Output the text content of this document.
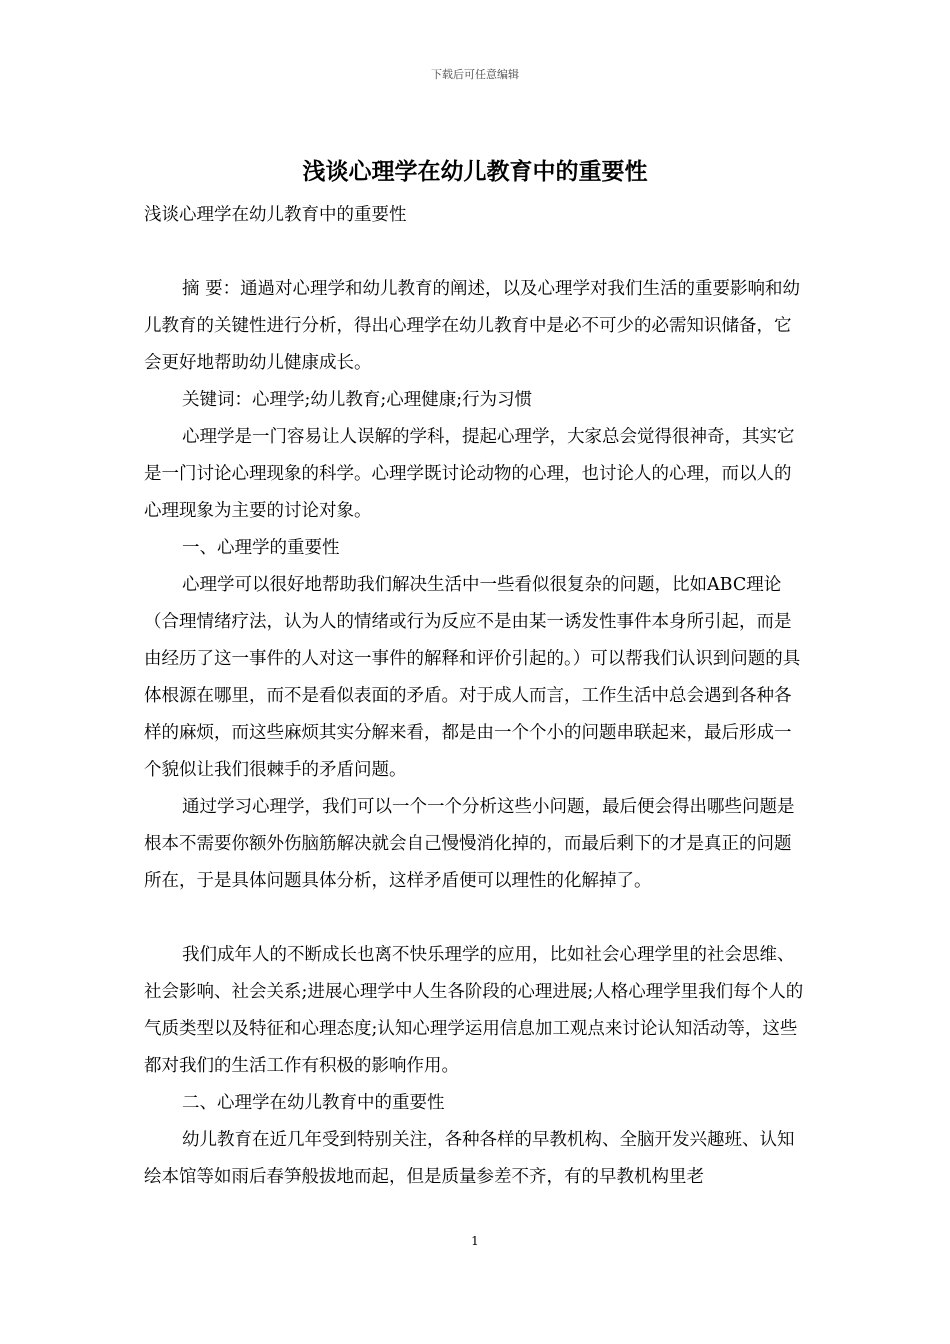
下载后可任意编辑
浅谈心理学在幼儿教育中的重要性

浅谈心理学在幼儿教育中的重要性

摘 要：通過对心理学和幼儿教育的阐述，以及心理学对我们生活的重要影响和幼儿教育的关键性进行分析，得出心理学在幼儿教育中是必不可少的必需知识储备，它会更好地帮助幼儿健康成长。

关键词：心理学;幼儿教育;心理健康;行为习惯

心理学是一门容易让人误解的学科，提起心理学，大家总会觉得很神奇，其实它是一门讨论心理现象的科学。心理学既讨论动物的心理，也讨论人的心理，而以人的心理现象为主要的讨论对象。

一、心理学的重要性

心理学可以很好地帮助我们解决生活中一些看似很复杂的问题，比如ABC理论（合理情绪疗法，认为人的情绪或行为反应不是由某一诱发性事件本身所引起，而是由经历了这一事件的人对这一事件的解释和评价引起的。）可以帮我们认识到问题的具体根源在哪里，而不是看似表面的矛盾。对于成人而言，工作生活中总会遇到各种各样的麻烦，而这些麻烦其实分解来看，都是由一个个小的问题串联起来，最后形成一个貌似让我们很棘手的矛盾问题。

通过学习心理学，我们可以一个一个分析这些小问题，最后便会得出哪些问题是根本不需要你额外伤脑筋解决就会自己慢慢消化掉的，而最后剩下的才是真正的问题所在，于是具体问题具体分析，这样矛盾便可以理性的化解掉了。

我们成年人的不断成长也离不快乐理学的应用，比如社会心理学里的社会思维、社会影响、社会关系;进展心理学中人生各阶段的心理进展;人格心理学里我们每个人的气质类型以及特征和心理态度;认知心理学运用信息加工观点来讨论认知活动等，这些都对我们的生活工作有积极的影响作用。

二、心理学在幼儿教育中的重要性

幼儿教育在近几年受到特别关注，各种各样的早教机构、全脑开发兴趣班、认知绘本馆等如雨后春笋般拔地而起，但是质量参差不齐，有的早教机构里老

1
